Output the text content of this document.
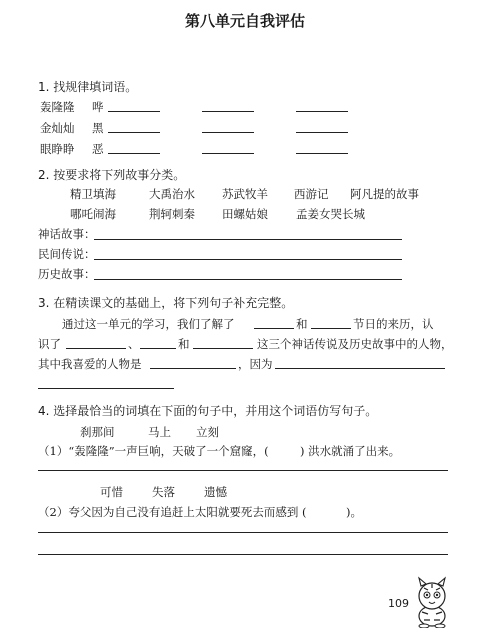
第八单元自我评估
1. 找规律填词语。
轰隆隆 哗
金灿灿 黑
眼睁睁 恶
2. 按要求将下列故事分类。
精卫填海	大禹治水 苏武牧羊 西游记 阿凡提的故事
哪吒闹海	荆轲刺秦 田螺姑娘 孟姜女哭长城
神话故事：
民间传说：
历史故事：
3. 在精读课文的基础上，将下列句子补充完整。
通过这一单元的学习，我们了解了	和	节日的来历，认
识了	、	和	这三个神话传说及历史故事中的人物，
其中我喜爱的人物是	，因为
4. 选择最恰当的词填在下面的句子中，并用这个词语仿写句子。
刹那间	马上 立刻
（1）“轰隆隆”一声巨响，天破了一个窟窿，(	) 洪水就涌了出来。
可惜	失落	遗憾
（2）夸父因为自己没有追赶上太阳就要死去而感到 (	)。
109
